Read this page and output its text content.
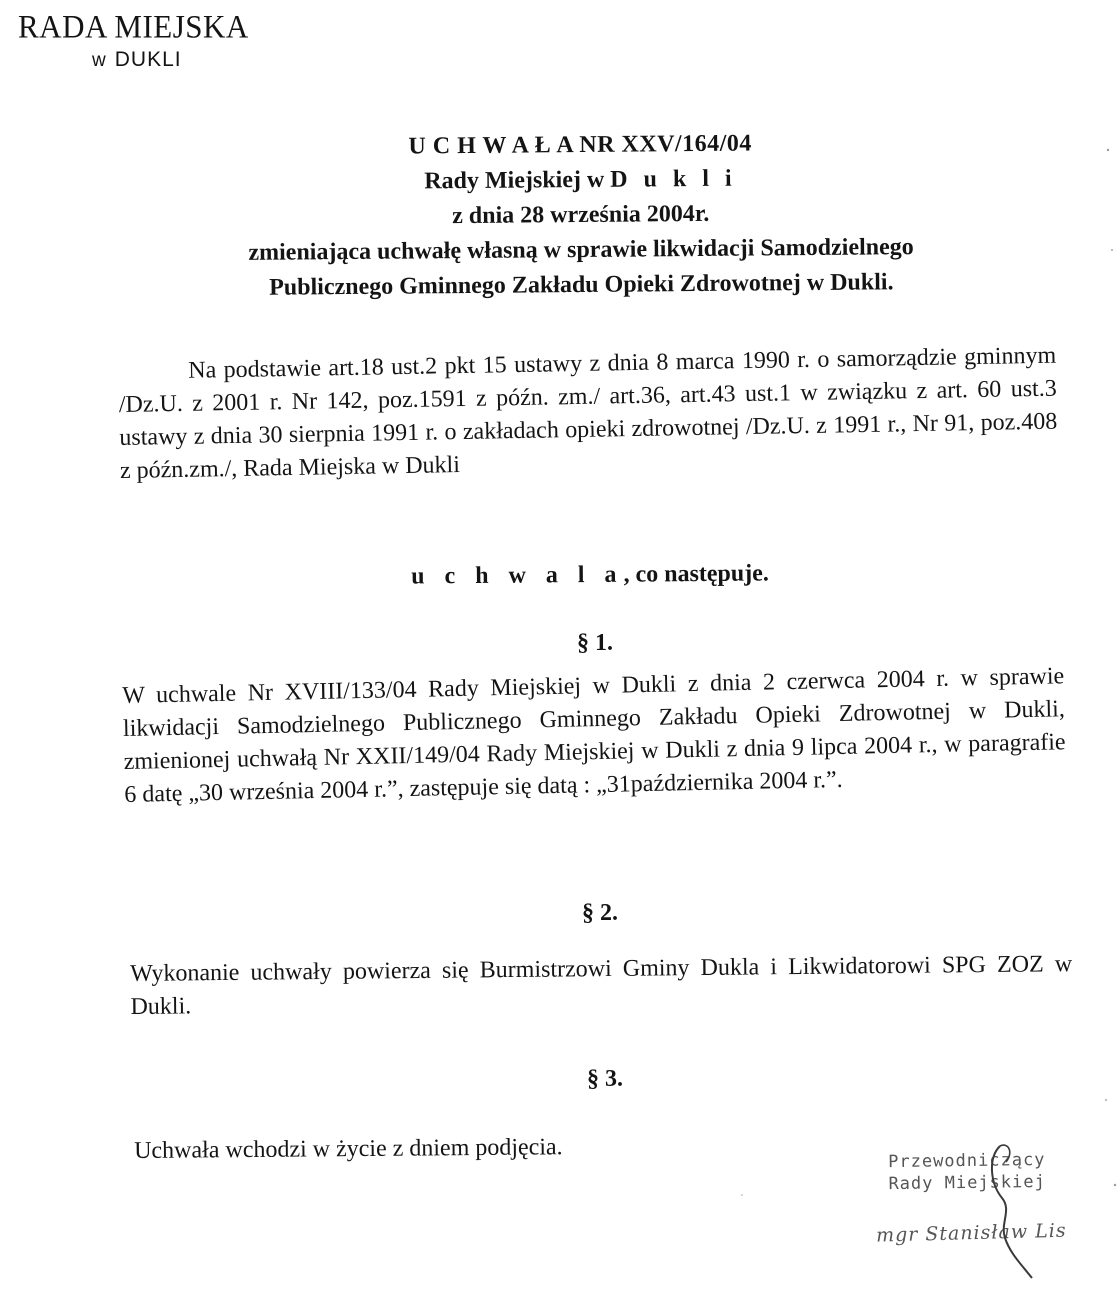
RADA MIEJSKA
w DUKLI
U C H W A Ł A NR XXV/164/04
Rady Miejskiej w D u k l i
z dnia 28 września 2004r.
zmieniająca uchwałę własną w sprawie likwidacji Samodzielnego
Publicznego Gminnego Zakładu Opieki Zdrowotnej w Dukli.
Na podstawie art.18 ust.2 pkt 15 ustawy z dnia 8 marca 1990 r. o samorządzie gminnym /Dz.U. z 2001 r. Nr 142, poz.1591 z późn. zm./ art.36, art.43 ust.1 w związku z art. 60 ust.3 ustawy z dnia 30 sierpnia 1991 r. o zakładach opieki zdrowotnej /Dz.U. z 1991 r., Nr 91, poz.408 z późn.zm./, Rada Miejska w Dukli
u c h w a l a, co następuje.
§ 1.
W uchwale Nr XVIII/133/04 Rady Miejskiej w Dukli z dnia 2 czerwca 2004 r. w sprawie likwidacji Samodzielnego Publicznego Gminnego Zakładu Opieki Zdrowotnej w Dukli, zmienionej uchwałą Nr XXII/149/04 Rady Miejskiej w Dukli z dnia 9 lipca 2004 r., w paragrafie 6 datę „30 września 2004 r.”, zastępuje się datą : „31października 2004 r.”.
§ 2.
Wykonanie uchwały powierza się Burmistrzowi Gminy Dukla i Likwidatorowi SPG ZOZ w Dukli.
§ 3.
Uchwała wchodzi w życie z dniem podjęcia.	Przewodniczący
Rady Miejskiej
mgr Stanisław Lis
